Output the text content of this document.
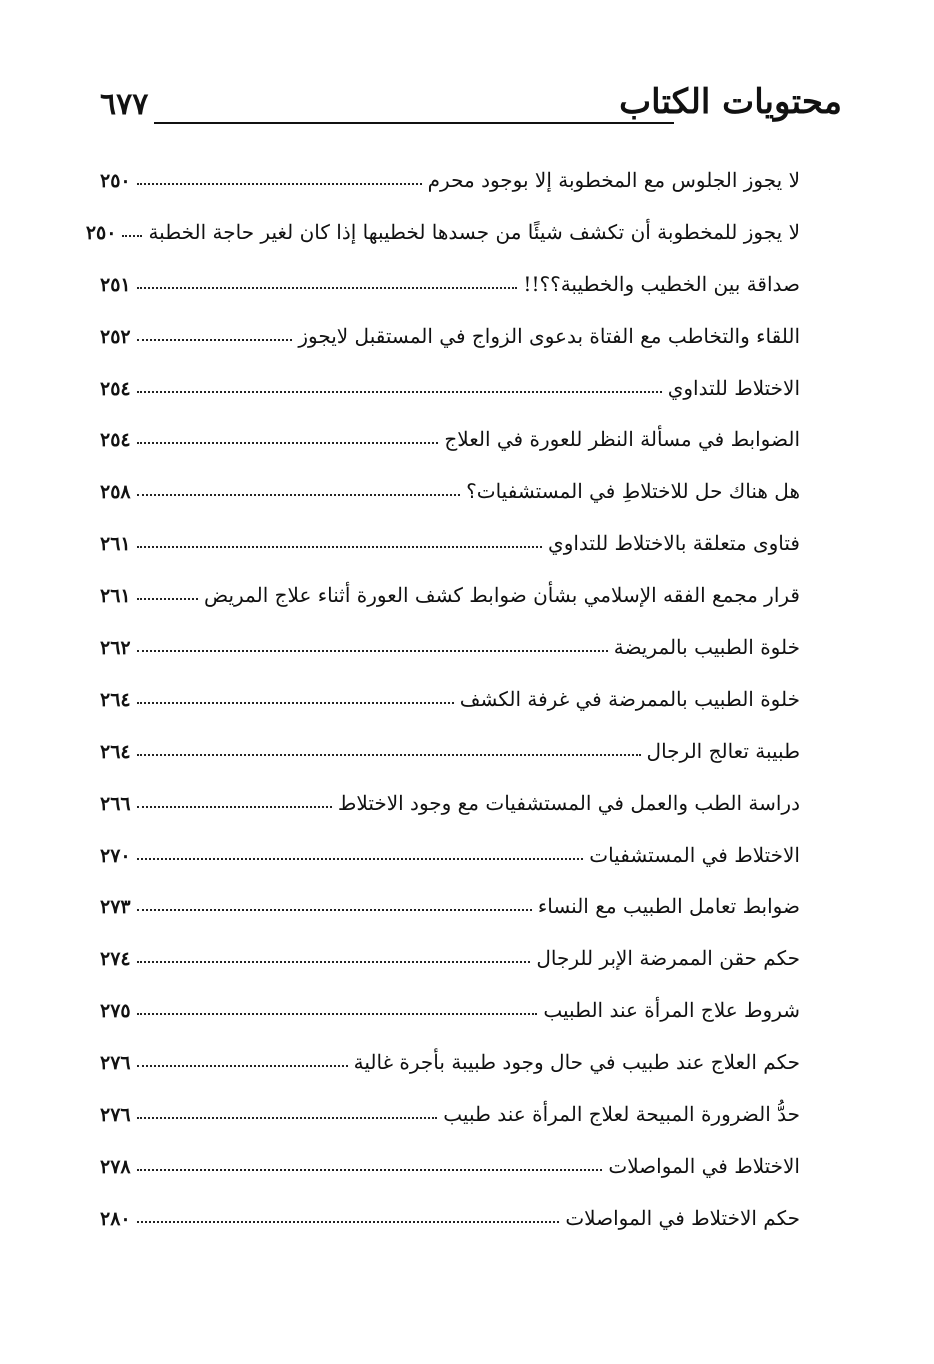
محتويات الكتاب
٦٧٧
لا يجوز الجلوس مع المخطوبة إلا بوجود محرم
٢٥٠
لا يجوز للمخطوبة أن تكشف شيئًا من جسدها لخطيبها إذا كان لغير حاجة الخطبة
٢٥٠
صداقة بين الخطيب والخطيبة؟؟!!
٢٥١
اللقاء والتخاطب مع الفتاة بدعوى الزواج في المستقبل لايجوز
٢٥٢
الاختلاط للتداوي
٢٥٤
الضوابط في مسألة النظر للعورة في العلاج
٢٥٤
هل هناك حل للاختلاطِ في المستشفيات؟
٢٥٨
فتاوى متعلقة بالاختلاط للتداوي
٢٦١
قرار مجمع الفقه الإسلامي بشأن ضوابط كشف العورة أثناء علاج المريض
٢٦١
خلوة الطبيب بالمريضة
٢٦٢
خلوة الطبيب بالممرضة في غرفة الكشف
٢٦٤
طبيبة تعالج الرجال
٢٦٤
دراسة الطب والعمل في المستشفيات مع وجود الاختلاط
٢٦٦
الاختلاط في المستشفيات
٢٧٠
ضوابط تعامل الطبيب مع النساء
٢٧٣
حكم حقن الممرضة الإبر للرجال
٢٧٤
شروط علاج المرأة عند الطبيب
٢٧٥
حكم العلاج عند طبيب في حال وجود طبيبة بأجرة غالية
٢٧٦
حدُّ الضرورة المبيحة لعلاج المرأة عند طبيب
٢٧٦
الاختلاط في المواصلات
٢٧٨
حكم الاختلاط في المواصلات
٢٨٠
